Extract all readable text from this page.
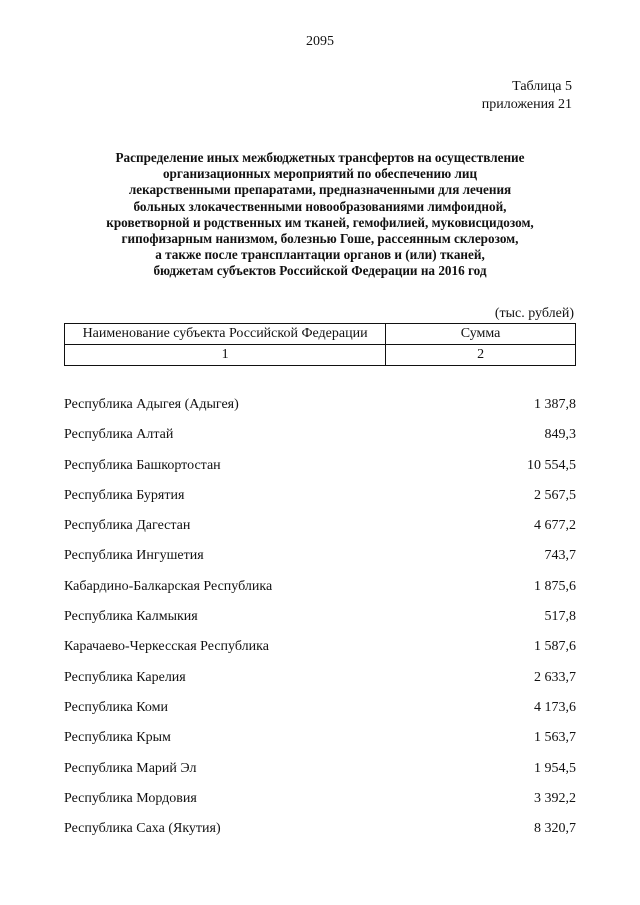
2095
Таблица 5
приложения 21
Распределение иных межбюджетных трансфертов на осуществление
организационных мероприятий по обеспечению лиц
лекарственными препаратами, предназначенными для лечения
больных злокачественными новообразованиями лимфоидной,
кроветворной и родственных им тканей, гемофилией, муковисцидозом,
гипофизарным нанизмом, болезнью Гоше, рассеянным склерозом,
а также после трансплантации органов и (или) тканей,
бюджетам субъектов Российской Федерации на 2016 год
(тыс. рублей)
Наименование субъекта Российской Федерации	Сумма
1	2
Республика Адыгея (Адыгея)	1 387,8
Республика Алтай	849,3
Республика Башкортостан	10 554,5
Республика Бурятия	2 567,5
Республика Дагестан	4 677,2
Республика Ингушетия	743,7
Кабардино-Балкарская Республика	1 875,6
Республика Калмыкия	517,8
Карачаево-Черкесская Республика	1 587,6
Республика Карелия	2 633,7
Республика Коми	4 173,6
Республика Крым	1 563,7
Республика Марий Эл	1 954,5
Республика Мордовия	3 392,2
Республика Саха (Якутия)	8 320,7
